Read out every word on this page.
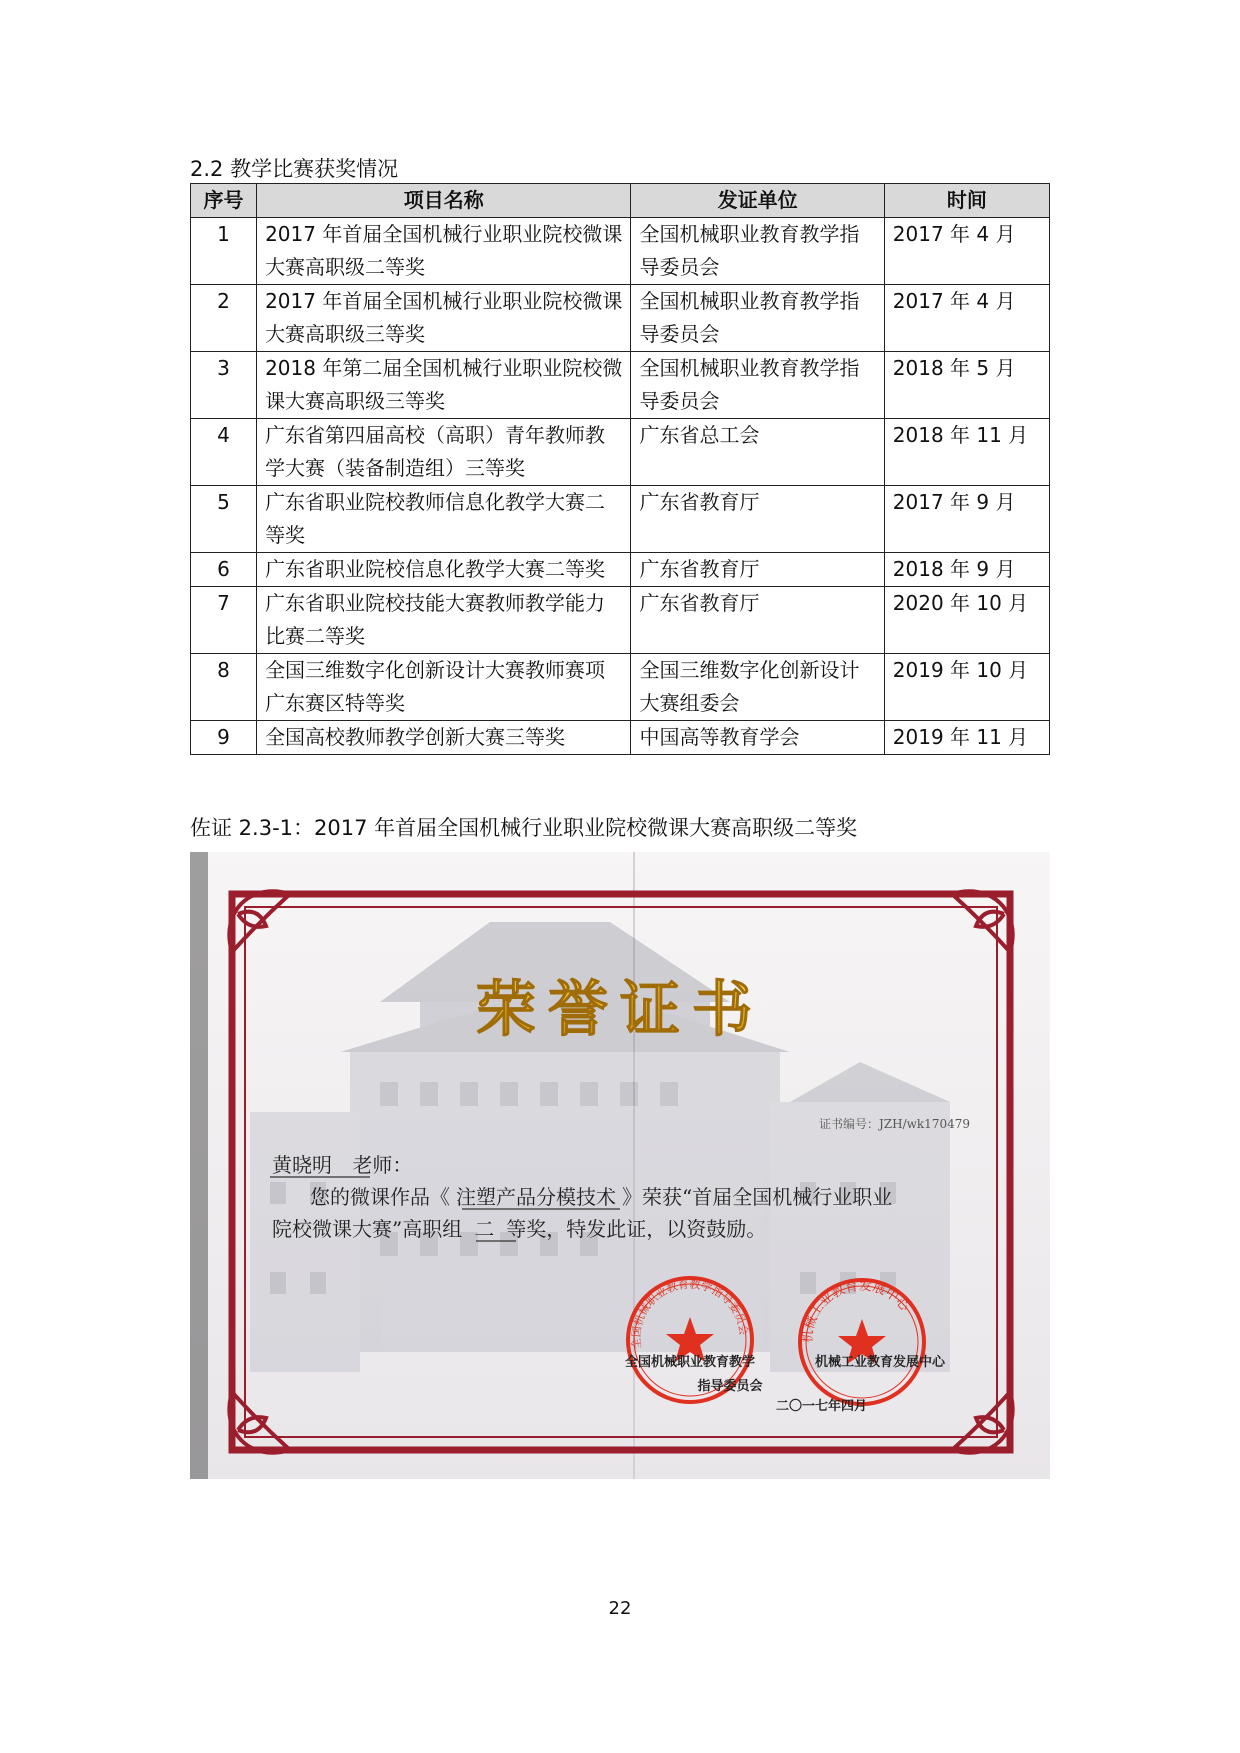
2.2 教学比赛获奖情况
序号	项目名称	发证单位	时间
1	2017 年首届全国机械行业职业院校微课大赛高职级二等奖	全国机械职业教育教学指导委员会	2017 年 4 月
2	2017 年首届全国机械行业职业院校微课大赛高职级三等奖	全国机械职业教育教学指导委员会	2017 年 4 月
3	2018 年第二届全国机械行业职业院校微课大赛高职级三等奖	全国机械职业教育教学指导委员会	2018 年 5 月
4	广东省第四届高校（高职）青年教师教学大赛（装备制造组）三等奖	广东省总工会	2018 年 11 月
5	广东省职业院校教师信息化教学大赛二等奖	广东省教育厅	2017 年 9 月
6	广东省职业院校信息化教学大赛二等奖	广东省教育厅	2018 年 9 月
7	广东省职业院校技能大赛教师教学能力比赛二等奖	广东省教育厅	2020 年 10 月
8	全国三维数字化创新设计大赛教师赛项广东赛区特等奖	全国三维数字化创新设计大赛组委会	2019 年 10 月
9	全国高校教师教学创新大赛三等奖	中国高等教育学会	2019 年 11 月
佐证 2.3-1：2017 年首届全国机械行业职业院校微课大赛高职级二等奖
荣誉证书
证书编号：JZH/wk170479
黄晓明 老师：
您的微课作品《 注塑产品分模技术 》荣获“首届全国机械行业职业
院校微课大赛”高职组 二 等奖，特发此证，以资鼓励。
全国机械职业教育教学指导委员会	机械工业教育发展中心
全国机械职业教育教学
指导委员会
机械工业教育发展中心
二〇一七年四月
22
